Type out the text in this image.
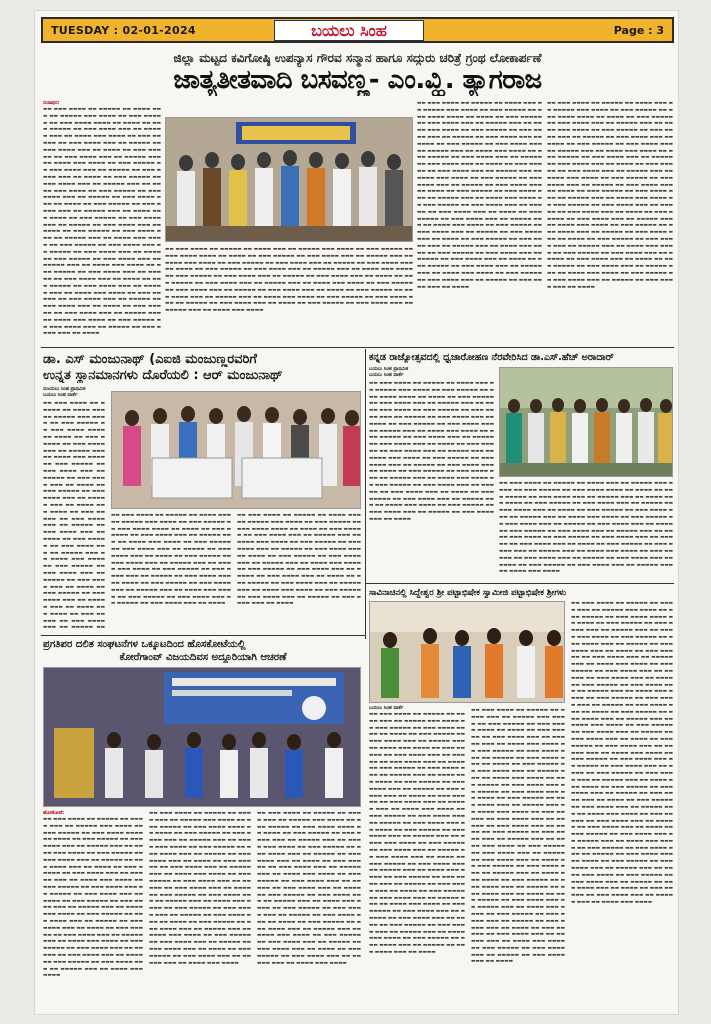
TUESDAY : 02-01-2024	ಬಯಲು ಸಿಂಹ	Page : 3
ಜಿಲ್ಲಾ ಮಟ್ಟದ ಕವಿಗೋಷ್ಠಿ ಉಪನ್ಯಾಸ ಗೌರವ ಸನ್ಮಾನ ಹಾಗೂ ಸದ್ಗುರು ಚರಿತ್ರೆ ಗ್ರಂಥ ಲೋಕಾರ್ಪಣೆ
ಜಾತ್ಯತೀತವಾದಿ ಬಸವಣ್ಣ- ಎಂ.ವ್ಹಿ. ತ್ಯಾಗರಾಜ
ಬಿಜಾಪುರ:
▬▬ ▬▬▬ ▬▬▬▬ ▬▬ ▬▬▬▬▬ ▬▬ ▬▬▬▬ ▬▬▬ ▬▬ ▬▬▬▬▬ ▬▬▬ ▬▬▬▬ ▬▬ ▬▬▬ ▬▬▬▬▬ ▬▬ ▬▬▬ ▬▬▬▬ ▬▬▬▬ ▬▬ ▬▬▬▬ ▬▬ ▬▬▬ ▬▬▬▬▬ ▬▬ ▬▬▬ ▬▬▬▬ ▬▬▬ ▬▬ ▬▬▬▬▬ ▬▬▬ ▬▬ ▬▬▬▬ ▬▬▬ ▬▬▬▬ ▬▬ ▬▬▬ ▬▬▬▬▬ ▬▬ ▬▬▬ ▬▬▬▬ ▬▬▬ ▬▬ ▬▬▬▬▬ ▬▬ ▬▬▬ ▬▬▬▬ ▬▬▬ ▬▬ ▬▬▬▬ ▬▬ ▬▬▬ ▬▬▬▬▬ ▬▬ ▬▬▬ ▬▬▬▬ ▬▬▬ ▬▬ ▬▬▬▬▬ ▬▬▬ ▬▬ ▬▬▬▬ ▬▬▬ ▬▬▬▬ ▬▬ ▬▬▬ ▬▬▬▬▬ ▬▬ ▬▬▬ ▬▬▬▬ ▬▬▬ ▬▬ ▬▬▬▬▬ ▬▬ ▬▬▬ ▬▬▬▬ ▬▬▬ ▬▬ ▬▬▬▬ ▬▬ ▬▬▬ ▬▬▬▬▬ ▬▬ ▬▬▬ ▬▬▬▬ ▬▬▬ ▬▬ ▬▬▬▬▬ ▬▬▬ ▬▬ ▬▬▬▬ ▬▬▬ ▬▬▬▬ ▬▬ ▬▬▬ ▬▬▬▬▬ ▬▬ ▬▬▬ ▬▬▬▬ ▬▬▬ ▬▬ ▬▬▬▬▬ ▬▬ ▬▬▬ ▬▬▬▬ ▬▬▬ ▬▬ ▬▬▬▬ ▬▬ ▬▬▬ ▬▬▬▬▬ ▬▬ ▬▬▬ ▬▬▬▬ ▬▬▬ ▬▬ ▬▬▬▬▬ ▬▬▬ ▬▬ ▬▬▬▬ ▬▬▬ ▬▬▬▬ ▬▬ ▬▬▬ ▬▬▬▬▬ ▬▬ ▬▬▬ ▬▬▬▬ ▬▬▬ ▬▬ ▬▬▬▬▬ ▬▬ ▬▬▬ ▬▬▬▬ ▬▬▬ ▬▬ ▬▬▬▬ ▬▬ ▬▬▬ ▬▬▬▬▬ ▬▬ ▬▬▬ ▬▬▬▬ ▬▬▬ ▬▬ ▬▬▬▬▬ ▬▬▬ ▬▬ ▬▬▬▬ ▬▬▬ ▬▬▬▬ ▬▬ ▬▬▬ ▬▬▬▬▬ ▬▬ ▬▬▬ ▬▬▬▬ ▬▬▬ ▬▬ ▬▬▬▬▬ ▬▬ ▬▬▬ ▬▬▬▬ ▬▬▬ ▬▬ ▬▬▬▬ ▬▬ ▬▬▬ ▬▬▬▬▬ ▬▬ ▬▬▬ ▬▬▬▬ ▬▬▬ ▬▬ ▬▬▬▬▬ ▬▬▬ ▬▬ ▬▬▬▬ ▬▬▬ ▬▬▬▬ ▬▬ ▬▬▬ ▬▬▬▬▬ ▬▬ ▬▬▬ ▬▬▬▬ ▬▬▬ ▬▬ ▬▬▬▬▬ ▬▬ ▬▬▬ ▬▬▬▬ ▬▬▬ ▬▬ ▬▬▬▬ ▬▬ ▬▬▬ ▬▬▬▬▬ ▬▬ ▬▬▬ ▬▬▬▬ ▬▬▬ ▬▬ ▬▬▬▬▬ ▬▬▬ ▬▬ ▬▬▬▬ ▬▬▬ ▬▬▬▬ ▬▬ ▬▬▬ ▬▬▬▬▬ ▬▬ ▬▬▬ ▬▬▬▬ ▬▬▬ ▬▬ ▬▬▬▬▬ ▬▬ ▬▬▬ ▬▬▬▬ ▬▬▬ ▬▬ ▬▬▬▬ ▬▬ ▬▬▬ ▬▬▬▬▬ ▬▬ ▬▬▬ ▬▬▬▬ ▬▬▬ ▬▬ ▬▬▬▬▬ ▬▬▬ ▬▬ ▬▬▬▬ ▬▬▬ ▬▬▬▬ ▬▬ ▬▬▬ ▬▬▬▬▬ ▬▬ ▬▬▬ ▬▬▬▬ ▬▬▬ ▬▬ ▬▬▬▬▬ ▬▬ ▬▬▬ ▬▬▬▬ ▬▬▬ ▬▬ ▬▬▬▬
▬▬ ▬▬▬ ▬▬▬▬ ▬▬ ▬▬▬▬▬ ▬▬ ▬▬▬▬ ▬▬▬ ▬▬ ▬▬▬▬▬ ▬▬▬ ▬▬▬▬ ▬▬ ▬▬▬ ▬▬▬▬▬ ▬▬ ▬▬▬ ▬▬▬▬ ▬▬▬▬ ▬▬ ▬▬▬▬ ▬▬ ▬▬▬ ▬▬▬▬▬ ▬▬ ▬▬▬ ▬▬▬▬ ▬▬▬ ▬▬ ▬▬▬▬▬ ▬▬▬ ▬▬ ▬▬▬▬ ▬▬▬ ▬▬▬▬ ▬▬ ▬▬▬ ▬▬▬▬▬ ▬▬ ▬▬▬ ▬▬▬▬ ▬▬▬ ▬▬ ▬▬▬▬▬ ▬▬ ▬▬▬ ▬▬▬▬ ▬▬▬ ▬▬ ▬▬▬▬ ▬▬ ▬▬▬ ▬▬▬▬▬ ▬▬ ▬▬▬ ▬▬▬▬ ▬▬▬ ▬▬ ▬▬▬▬▬ ▬▬▬ ▬▬ ▬▬▬▬ ▬▬▬ ▬▬▬▬ ▬▬ ▬▬▬ ▬▬▬▬▬ ▬▬ ▬▬▬ ▬▬▬▬ ▬▬▬ ▬▬ ▬▬▬▬▬ ▬▬ ▬▬▬ ▬▬▬▬ ▬▬▬ ▬▬ ▬▬▬▬ ▬▬ ▬▬▬ ▬▬▬▬▬ ▬▬ ▬▬▬ ▬▬▬▬ ▬▬▬ ▬▬ ▬▬▬▬▬ ▬▬▬ ▬▬ ▬▬▬▬ ▬▬▬ ▬▬▬▬ ▬▬ ▬▬▬ ▬▬▬▬▬ ▬▬ ▬▬▬ ▬▬▬▬ ▬▬▬ ▬▬ ▬▬▬▬▬ ▬▬ ▬▬▬ ▬▬▬▬ ▬▬▬ ▬▬ ▬▬▬▬ ▬▬ ▬▬▬ ▬▬▬▬▬ ▬▬ ▬▬▬ ▬▬▬▬ ▬▬▬ ▬▬ ▬▬▬▬▬ ▬▬▬ ▬▬ ▬▬▬▬ ▬▬▬ ▬▬▬▬ ▬▬ ▬▬▬ ▬▬▬▬▬ ▬▬ ▬▬▬ ▬▬▬▬ ▬▬▬ ▬▬ ▬▬▬▬▬ ▬▬ ▬▬▬ ▬▬▬▬ ▬▬▬ ▬▬ ▬▬▬▬ ▬▬ ▬▬▬ ▬▬▬▬▬ ▬▬ ▬▬▬ ▬▬▬▬ ▬▬▬ ▬▬ ▬▬▬▬▬ ▬▬▬ ▬▬ ▬▬▬▬ ▬▬▬ ▬▬▬▬ ▬▬ ▬▬▬ ▬▬▬▬▬ ▬▬ ▬▬▬ ▬▬▬▬ ▬▬▬ ▬▬ ▬▬▬▬▬ ▬▬ ▬▬▬ ▬▬▬▬ ▬▬▬ ▬▬ ▬▬▬▬ ▬▬ ▬▬▬ ▬▬▬▬▬ ▬▬ ▬▬▬ ▬▬▬▬ ▬▬▬ ▬▬ ▬▬▬▬▬ ▬▬▬ ▬▬ ▬▬▬▬ ▬▬▬ ▬▬▬▬ ▬▬ ▬▬▬ ▬▬▬▬▬ ▬▬ ▬▬▬ ▬▬▬▬ ▬▬▬ ▬▬ ▬▬▬▬▬ ▬▬ ▬▬▬ ▬▬▬▬ ▬▬▬ ▬▬ ▬▬▬▬ ▬▬ ▬▬▬ ▬▬▬▬▬ ▬▬ ▬▬▬ ▬▬▬▬ ▬▬▬ ▬▬ ▬▬▬▬▬ ▬▬▬ ▬▬ ▬▬▬▬ ▬▬▬ ▬▬▬▬ ▬▬ ▬▬▬ ▬▬▬▬▬ ▬▬ ▬▬▬ ▬▬▬▬ ▬▬▬ ▬▬ ▬▬▬▬▬ ▬▬ ▬▬▬ ▬▬▬▬ ▬▬▬ ▬▬ ▬▬▬▬
▬▬ ▬▬▬ ▬▬▬▬ ▬▬ ▬▬▬▬▬ ▬▬ ▬▬▬▬ ▬▬▬ ▬▬ ▬▬▬▬▬ ▬▬▬ ▬▬▬▬ ▬▬ ▬▬▬ ▬▬▬▬▬ ▬▬ ▬▬▬ ▬▬▬▬ ▬▬▬▬ ▬▬ ▬▬▬▬ ▬▬ ▬▬▬ ▬▬▬▬▬ ▬▬ ▬▬▬ ▬▬▬▬ ▬▬▬ ▬▬ ▬▬▬▬▬ ▬▬▬ ▬▬ ▬▬▬▬ ▬▬▬ ▬▬▬▬ ▬▬ ▬▬▬ ▬▬▬▬▬ ▬▬ ▬▬▬ ▬▬▬▬ ▬▬▬ ▬▬ ▬▬▬▬▬ ▬▬ ▬▬▬ ▬▬▬▬ ▬▬▬ ▬▬ ▬▬▬▬ ▬▬ ▬▬▬ ▬▬▬▬▬ ▬▬ ▬▬▬ ▬▬▬▬ ▬▬▬ ▬▬ ▬▬▬▬▬ ▬▬▬ ▬▬ ▬▬▬▬ ▬▬▬ ▬▬▬▬ ▬▬ ▬▬▬ ▬▬▬▬▬ ▬▬ ▬▬▬ ▬▬▬▬ ▬▬▬ ▬▬ ▬▬▬▬▬ ▬▬ ▬▬▬ ▬▬▬▬ ▬▬▬ ▬▬ ▬▬▬▬ ▬▬ ▬▬▬ ▬▬▬▬▬ ▬▬ ▬▬▬ ▬▬▬▬ ▬▬▬ ▬▬ ▬▬▬▬▬ ▬▬▬ ▬▬ ▬▬▬▬ ▬▬▬ ▬▬▬▬ ▬▬ ▬▬▬ ▬▬▬▬▬ ▬▬ ▬▬▬ ▬▬▬▬ ▬▬▬ ▬▬ ▬▬▬▬▬ ▬▬ ▬▬▬ ▬▬▬▬ ▬▬▬ ▬▬ ▬▬▬▬ ▬▬ ▬▬▬ ▬▬▬▬▬ ▬▬ ▬▬▬ ▬▬▬▬ ▬▬▬ ▬▬ ▬▬▬▬▬ ▬▬▬ ▬▬ ▬▬▬▬ ▬▬▬ ▬▬▬▬ ▬▬ ▬▬▬ ▬▬▬▬▬ ▬▬ ▬▬▬ ▬▬▬▬ ▬▬▬ ▬▬ ▬▬▬▬▬ ▬▬ ▬▬▬ ▬▬▬▬ ▬▬▬ ▬▬ ▬▬▬▬ ▬▬ ▬▬▬ ▬▬▬▬▬ ▬▬ ▬▬▬ ▬▬▬▬ ▬▬▬ ▬▬ ▬▬▬▬▬ ▬▬▬ ▬▬ ▬▬▬▬ ▬▬▬ ▬▬▬▬ ▬▬ ▬▬▬ ▬▬▬▬▬ ▬▬ ▬▬▬ ▬▬▬▬ ▬▬▬ ▬▬ ▬▬▬▬▬ ▬▬ ▬▬▬ ▬▬▬▬ ▬▬▬ ▬▬ ▬▬▬▬ ▬▬ ▬▬▬ ▬▬▬▬▬ ▬▬ ▬▬▬ ▬▬▬▬ ▬▬▬ ▬▬ ▬▬▬▬▬ ▬▬▬ ▬▬ ▬▬▬▬ ▬▬▬ ▬▬▬▬ ▬▬ ▬▬▬ ▬▬▬▬▬ ▬▬ ▬▬▬ ▬▬▬▬ ▬▬▬ ▬▬ ▬▬▬▬▬ ▬▬ ▬▬▬ ▬▬▬▬ ▬▬▬ ▬▬ ▬▬▬▬ ▬▬ ▬▬▬ ▬▬▬▬▬ ▬▬ ▬▬▬ ▬▬▬▬ ▬▬▬ ▬▬ ▬▬▬▬▬ ▬▬▬ ▬▬ ▬▬▬▬ ▬▬▬ ▬▬▬▬ ▬▬ ▬▬▬ ▬▬▬▬▬ ▬▬ ▬▬▬ ▬▬▬▬ ▬▬▬ ▬▬ ▬▬▬▬▬ ▬▬ ▬▬▬ ▬▬▬▬ ▬▬▬ ▬▬ ▬▬▬▬
▬▬ ▬▬▬ ▬▬▬▬ ▬▬ ▬▬▬▬▬ ▬▬ ▬▬▬▬ ▬▬▬ ▬▬ ▬▬▬▬▬ ▬▬▬ ▬▬▬▬ ▬▬ ▬▬▬ ▬▬▬▬▬ ▬▬ ▬▬▬ ▬▬▬▬ ▬▬▬▬ ▬▬ ▬▬▬▬ ▬▬ ▬▬▬ ▬▬▬▬▬ ▬▬ ▬▬▬ ▬▬▬▬ ▬▬▬ ▬▬ ▬▬▬▬▬ ▬▬▬ ▬▬ ▬▬▬▬ ▬▬▬ ▬▬▬▬ ▬▬ ▬▬▬ ▬▬▬▬▬ ▬▬ ▬▬▬ ▬▬▬▬ ▬▬▬ ▬▬ ▬▬▬▬▬ ▬▬ ▬▬▬ ▬▬▬▬ ▬▬▬ ▬▬ ▬▬▬▬ ▬▬ ▬▬▬ ▬▬▬▬▬ ▬▬ ▬▬▬ ▬▬▬▬ ▬▬▬ ▬▬ ▬▬▬▬▬ ▬▬▬ ▬▬ ▬▬▬▬ ▬▬▬ ▬▬▬▬ ▬▬ ▬▬▬ ▬▬▬▬▬ ▬▬ ▬▬▬ ▬▬▬▬ ▬▬▬ ▬▬ ▬▬▬▬▬ ▬▬ ▬▬▬ ▬▬▬▬ ▬▬▬ ▬▬ ▬▬▬▬ ▬▬ ▬▬▬ ▬▬▬▬▬ ▬▬ ▬▬▬ ▬▬▬▬ ▬▬▬ ▬▬ ▬▬▬▬▬ ▬▬▬ ▬▬ ▬▬▬▬ ▬▬▬ ▬▬▬▬ ▬▬ ▬▬▬ ▬▬▬▬▬ ▬▬ ▬▬▬ ▬▬▬▬ ▬▬▬ ▬▬ ▬▬▬▬▬ ▬▬ ▬▬▬ ▬▬▬▬ ▬▬▬ ▬▬ ▬▬▬▬ ▬▬ ▬▬▬ ▬▬▬▬▬ ▬▬ ▬▬▬ ▬▬▬▬ ▬▬▬ ▬▬ ▬▬▬▬▬ ▬▬▬ ▬▬ ▬▬▬▬ ▬▬▬ ▬▬▬▬ ▬▬ ▬▬▬ ▬▬▬▬▬ ▬▬ ▬▬▬ ▬▬▬▬ ▬▬▬ ▬▬ ▬▬▬▬▬ ▬▬ ▬▬▬ ▬▬▬▬ ▬▬▬ ▬▬ ▬▬▬▬ ▬▬ ▬▬▬ ▬▬▬▬▬ ▬▬ ▬▬▬ ▬▬▬▬ ▬▬▬ ▬▬ ▬▬▬▬▬ ▬▬▬ ▬▬ ▬▬▬▬ ▬▬▬ ▬▬▬▬
ಡಾ. ಎಸ್ ಮಂಜುನಾಥ್ (ಎಐಜಿ ಮಂಜುಣ್ಣರವರಿಗೆ
ಉನ್ನತ ಸ್ಥಾನಮಾನಗಳು ದೊರೆಯಲಿ : ಆರ್ ಮಂಜುನಾಥ್
ಬಿಜಯಲು ಸಿಂಹ ಪ್ರಾಥಮಿಕ
ಬಯಲು ಸಿಂಹ ವಾರ್ತೆ
▬▬ ▬▬▬ ▬▬▬▬ ▬▬ ▬▬▬▬▬ ▬▬ ▬▬▬▬ ▬▬▬ ▬▬ ▬▬▬▬▬ ▬▬▬ ▬▬▬▬ ▬▬ ▬▬▬ ▬▬▬▬▬ ▬▬ ▬▬▬ ▬▬▬▬ ▬▬▬▬ ▬▬ ▬▬▬▬ ▬▬ ▬▬▬ ▬▬▬▬▬ ▬▬ ▬▬▬ ▬▬▬▬ ▬▬▬ ▬▬ ▬▬▬▬▬ ▬▬▬ ▬▬ ▬▬▬▬ ▬▬▬ ▬▬▬▬ ▬▬ ▬▬▬ ▬▬▬▬▬ ▬▬ ▬▬▬ ▬▬▬▬ ▬▬▬ ▬▬ ▬▬▬▬▬ ▬▬ ▬▬▬ ▬▬▬▬ ▬▬▬ ▬▬ ▬▬▬▬ ▬▬ ▬▬▬ ▬▬▬▬▬ ▬▬ ▬▬▬ ▬▬▬▬ ▬▬▬ ▬▬ ▬▬▬▬▬ ▬▬▬ ▬▬ ▬▬▬▬ ▬▬▬ ▬▬▬▬ ▬▬ ▬▬▬ ▬▬▬▬▬ ▬▬ ▬▬▬ ▬▬▬▬ ▬▬▬ ▬▬ ▬▬▬▬▬ ▬▬ ▬▬▬ ▬▬▬▬ ▬▬▬ ▬▬ ▬▬▬▬ ▬▬ ▬▬▬ ▬▬▬▬▬ ▬▬ ▬▬▬ ▬▬▬▬ ▬▬▬ ▬▬ ▬▬▬▬▬ ▬▬▬ ▬▬ ▬▬▬▬ ▬▬▬ ▬▬▬▬ ▬▬ ▬▬▬ ▬▬▬▬▬ ▬▬ ▬▬▬ ▬▬▬▬ ▬▬▬ ▬▬ ▬▬▬▬▬ ▬▬ ▬▬▬ ▬▬▬▬ ▬▬▬ ▬▬ ▬▬▬▬ ▬▬ ▬▬▬ ▬▬▬▬▬ ▬▬ ▬▬▬ ▬▬▬▬ ▬▬▬ ▬▬ ▬▬▬▬▬ ▬▬▬ ▬▬ ▬▬▬▬ ▬▬▬ ▬▬▬▬ ▬▬ ▬▬▬ ▬▬▬▬▬ ▬▬ ▬▬▬ ▬▬▬▬ ▬▬▬ ▬▬ ▬▬▬▬▬ ▬▬
▬▬ ▬▬▬ ▬▬▬▬ ▬▬ ▬▬▬▬▬ ▬▬ ▬▬▬▬ ▬▬▬ ▬▬ ▬▬▬▬▬ ▬▬▬ ▬▬▬▬ ▬▬ ▬▬▬ ▬▬▬▬▬ ▬▬ ▬▬▬ ▬▬▬▬ ▬▬▬▬ ▬▬ ▬▬▬▬ ▬▬ ▬▬▬ ▬▬▬▬▬ ▬▬ ▬▬▬ ▬▬▬▬ ▬▬▬ ▬▬ ▬▬▬▬▬ ▬▬▬ ▬▬ ▬▬▬▬ ▬▬▬ ▬▬▬▬ ▬▬ ▬▬▬ ▬▬▬▬▬ ▬▬ ▬▬▬ ▬▬▬▬ ▬▬▬ ▬▬ ▬▬▬▬▬ ▬▬ ▬▬▬ ▬▬▬▬ ▬▬▬ ▬▬ ▬▬▬▬ ▬▬ ▬▬▬ ▬▬▬▬▬ ▬▬ ▬▬▬ ▬▬▬▬ ▬▬▬ ▬▬ ▬▬▬▬▬ ▬▬▬ ▬▬ ▬▬▬▬ ▬▬▬ ▬▬▬▬ ▬▬ ▬▬▬ ▬▬▬▬▬ ▬▬ ▬▬▬ ▬▬▬▬ ▬▬▬ ▬▬ ▬▬▬▬▬ ▬▬ ▬▬▬ ▬▬▬▬ ▬▬▬ ▬▬ ▬▬▬▬ ▬▬ ▬▬▬ ▬▬▬▬▬ ▬▬ ▬▬▬ ▬▬▬▬ ▬▬▬ ▬▬ ▬▬▬▬▬ ▬▬▬ ▬▬ ▬▬▬▬ ▬▬▬ ▬▬▬▬ ▬▬ ▬▬▬ ▬▬▬▬▬ ▬▬ ▬▬▬ ▬▬▬▬ ▬▬▬ ▬▬ ▬▬▬▬▬ ▬▬ ▬▬▬ ▬▬▬▬ ▬▬▬ ▬▬ ▬▬▬▬
▬▬ ▬▬▬ ▬▬▬▬ ▬▬ ▬▬▬▬▬ ▬▬ ▬▬▬▬ ▬▬▬ ▬▬ ▬▬▬▬▬ ▬▬▬ ▬▬▬▬ ▬▬ ▬▬▬ ▬▬▬▬▬ ▬▬ ▬▬▬ ▬▬▬▬ ▬▬▬▬ ▬▬ ▬▬▬▬ ▬▬ ▬▬▬ ▬▬▬▬▬ ▬▬ ▬▬▬ ▬▬▬▬ ▬▬▬ ▬▬ ▬▬▬▬▬ ▬▬▬ ▬▬ ▬▬▬▬ ▬▬▬ ▬▬▬▬ ▬▬ ▬▬▬ ▬▬▬▬▬ ▬▬ ▬▬▬ ▬▬▬▬ ▬▬▬ ▬▬ ▬▬▬▬▬ ▬▬ ▬▬▬ ▬▬▬▬ ▬▬▬ ▬▬ ▬▬▬▬ ▬▬ ▬▬▬ ▬▬▬▬▬ ▬▬ ▬▬▬ ▬▬▬▬ ▬▬▬ ▬▬ ▬▬▬▬▬ ▬▬▬ ▬▬ ▬▬▬▬ ▬▬▬ ▬▬▬▬ ▬▬ ▬▬▬ ▬▬▬▬▬ ▬▬ ▬▬▬ ▬▬▬▬ ▬▬▬ ▬▬ ▬▬▬▬▬ ▬▬ ▬▬▬ ▬▬▬▬ ▬▬▬ ▬▬ ▬▬▬▬ ▬▬ ▬▬▬ ▬▬▬▬▬ ▬▬ ▬▬▬ ▬▬▬▬ ▬▬▬ ▬▬ ▬▬▬▬▬ ▬▬▬ ▬▬ ▬▬▬▬ ▬▬▬ ▬▬▬▬ ▬▬ ▬▬▬ ▬▬▬▬▬ ▬▬ ▬▬▬ ▬▬▬▬ ▬▬▬ ▬▬ ▬▬▬▬▬ ▬▬ ▬▬▬ ▬▬▬▬ ▬▬▬ ▬▬ ▬▬▬▬
ಕನ್ನಡ ರಾಜ್ಯೋತ್ಸವದಲ್ಲಿ ಧ್ವಜಾರೋಹಣ ನೆರವೇರಿಸಿದ ಡಾ.ಎಸ್.ಹೆಚ್ ಅರಾದಾರ್
ಬಯಲು ಸಿಂಹ ಪ್ರಾಥಮಿಕ
ಬಯಲು ಸಿಂಹ ವಾರ್ತೆ
▬▬ ▬▬▬ ▬▬▬▬ ▬▬ ▬▬▬▬▬ ▬▬ ▬▬▬▬ ▬▬▬ ▬▬ ▬▬▬▬▬ ▬▬▬ ▬▬▬▬ ▬▬ ▬▬▬ ▬▬▬▬▬ ▬▬ ▬▬▬ ▬▬▬▬ ▬▬▬▬ ▬▬ ▬▬▬▬ ▬▬ ▬▬▬ ▬▬▬▬▬ ▬▬ ▬▬▬ ▬▬▬▬ ▬▬▬ ▬▬ ▬▬▬▬▬ ▬▬▬ ▬▬ ▬▬▬▬ ▬▬▬ ▬▬▬▬ ▬▬ ▬▬▬ ▬▬▬▬▬ ▬▬ ▬▬▬ ▬▬▬▬ ▬▬▬ ▬▬ ▬▬▬▬▬ ▬▬ ▬▬▬ ▬▬▬▬ ▬▬▬ ▬▬ ▬▬▬▬ ▬▬ ▬▬▬ ▬▬▬▬▬ ▬▬ ▬▬▬ ▬▬▬▬ ▬▬▬ ▬▬ ▬▬▬▬▬ ▬▬▬ ▬▬ ▬▬▬▬ ▬▬▬ ▬▬▬▬ ▬▬ ▬▬▬ ▬▬▬▬▬ ▬▬ ▬▬▬ ▬▬▬▬ ▬▬▬ ▬▬ ▬▬▬▬▬ ▬▬ ▬▬▬ ▬▬▬▬ ▬▬▬ ▬▬ ▬▬▬▬ ▬▬ ▬▬▬ ▬▬▬▬▬ ▬▬ ▬▬▬ ▬▬▬▬ ▬▬▬ ▬▬ ▬▬▬▬▬ ▬▬▬ ▬▬ ▬▬▬▬ ▬▬▬ ▬▬▬▬ ▬▬ ▬▬▬ ▬▬▬▬▬ ▬▬ ▬▬▬ ▬▬▬▬ ▬▬▬ ▬▬ ▬▬▬▬▬ ▬▬ ▬▬▬ ▬▬▬▬ ▬▬▬ ▬▬ ▬▬▬▬ ▬▬ ▬▬▬ ▬▬▬▬▬ ▬▬ ▬▬▬ ▬▬▬▬ ▬▬▬ ▬▬ ▬▬▬▬▬ ▬▬▬ ▬▬ ▬▬▬▬ ▬▬▬ ▬▬▬▬ ▬▬ ▬▬▬ ▬▬▬▬▬ ▬▬ ▬▬▬ ▬▬▬▬ ▬▬▬ ▬▬ ▬▬▬▬▬ ▬▬ ▬▬▬ ▬▬▬▬ ▬▬▬ ▬▬ ▬▬▬▬ ▬▬ ▬▬▬ ▬▬▬▬▬ ▬▬ ▬▬▬ ▬▬▬▬ ▬▬▬ ▬▬ ▬▬▬▬▬ ▬▬▬ ▬▬ ▬▬▬▬ ▬▬▬ ▬▬▬▬ ▬▬ ▬▬▬ ▬▬▬▬▬ ▬▬ ▬▬▬ ▬▬▬▬ ▬▬▬ ▬▬ ▬▬▬▬▬ ▬▬ ▬▬▬ ▬▬▬▬ ▬▬▬ ▬▬ ▬▬▬▬
▬▬ ▬▬▬ ▬▬▬▬ ▬▬ ▬▬▬▬▬ ▬▬ ▬▬▬▬ ▬▬▬ ▬▬ ▬▬▬▬▬ ▬▬▬ ▬▬▬▬ ▬▬ ▬▬▬ ▬▬▬▬▬ ▬▬ ▬▬▬ ▬▬▬▬ ▬▬▬▬ ▬▬ ▬▬▬▬ ▬▬ ▬▬▬ ▬▬▬▬▬ ▬▬ ▬▬▬ ▬▬▬▬ ▬▬▬ ▬▬ ▬▬▬▬▬ ▬▬▬ ▬▬ ▬▬▬▬ ▬▬▬ ▬▬▬▬ ▬▬ ▬▬▬ ▬▬▬▬▬ ▬▬ ▬▬▬ ▬▬▬▬ ▬▬▬ ▬▬ ▬▬▬▬▬ ▬▬ ▬▬▬ ▬▬▬▬ ▬▬▬ ▬▬ ▬▬▬▬ ▬▬ ▬▬▬ ▬▬▬▬▬ ▬▬ ▬▬▬ ▬▬▬▬ ▬▬▬ ▬▬ ▬▬▬▬▬ ▬▬▬ ▬▬ ▬▬▬▬ ▬▬▬ ▬▬▬▬ ▬▬ ▬▬▬ ▬▬▬▬▬ ▬▬ ▬▬▬ ▬▬▬▬ ▬▬▬ ▬▬ ▬▬▬▬▬ ▬▬ ▬▬▬ ▬▬▬▬ ▬▬▬ ▬▬ ▬▬▬▬ ▬▬ ▬▬▬ ▬▬▬▬▬ ▬▬ ▬▬▬ ▬▬▬▬ ▬▬▬ ▬▬ ▬▬▬▬▬ ▬▬▬ ▬▬ ▬▬▬▬ ▬▬▬ ▬▬▬▬ ▬▬ ▬▬▬ ▬▬▬▬▬ ▬▬ ▬▬▬ ▬▬▬▬ ▬▬▬ ▬▬ ▬▬▬▬▬ ▬▬ ▬▬▬ ▬▬▬▬ ▬▬▬ ▬▬ ▬▬▬▬ ▬▬ ▬▬▬ ▬▬▬▬▬ ▬▬ ▬▬▬ ▬▬▬▬ ▬▬▬ ▬▬ ▬▬▬▬▬ ▬▬▬ ▬▬ ▬▬▬▬ ▬▬▬ ▬▬▬▬ ▬▬ ▬▬▬ ▬▬▬▬▬ ▬▬ ▬▬▬ ▬▬▬▬ ▬▬▬ ▬▬ ▬▬▬▬▬ ▬▬ ▬▬▬ ▬▬▬▬ ▬▬▬ ▬▬ ▬▬▬▬ ▬▬ ▬▬▬ ▬▬▬▬▬ ▬▬ ▬▬▬ ▬▬▬▬ ▬▬▬ ▬▬ ▬▬▬▬▬ ▬▬▬ ▬▬ ▬▬▬▬ ▬▬▬ ▬▬▬▬
ಪ್ರಗತಿಪರ ದಲಿತ ಸಂಘಟನೆಗಳ ಒಕ್ಕೂಟದಿಂದ ಹೊಸಕೋಟೆಯಲ್ಲಿ
ಕೋರೆಗಾಂವ್ ವಿಜಯದಿವಸ ಅದ್ದೂರಿಯಾಗಿ ಆಚರಣೆ
ಹೊಸಕೋಟೆ:
▬▬ ▬▬▬ ▬▬▬▬ ▬▬ ▬▬▬▬▬ ▬▬ ▬▬▬▬ ▬▬▬ ▬▬ ▬▬▬▬▬ ▬▬▬ ▬▬▬▬ ▬▬ ▬▬▬ ▬▬▬▬▬ ▬▬ ▬▬▬ ▬▬▬▬ ▬▬▬▬ ▬▬ ▬▬▬▬ ▬▬ ▬▬▬ ▬▬▬▬▬ ▬▬ ▬▬▬ ▬▬▬▬ ▬▬▬ ▬▬ ▬▬▬▬▬ ▬▬▬ ▬▬ ▬▬▬▬ ▬▬▬ ▬▬▬▬ ▬▬ ▬▬▬ ▬▬▬▬▬ ▬▬ ▬▬▬ ▬▬▬▬ ▬▬▬ ▬▬ ▬▬▬▬▬ ▬▬ ▬▬▬ ▬▬▬▬ ▬▬▬ ▬▬ ▬▬▬▬ ▬▬ ▬▬▬ ▬▬▬▬▬ ▬▬ ▬▬▬ ▬▬▬▬ ▬▬▬ ▬▬ ▬▬▬▬▬ ▬▬▬ ▬▬ ▬▬▬▬ ▬▬▬ ▬▬▬▬ ▬▬ ▬▬▬ ▬▬▬▬▬ ▬▬ ▬▬▬ ▬▬▬▬ ▬▬▬ ▬▬ ▬▬▬▬▬ ▬▬ ▬▬▬ ▬▬▬▬ ▬▬▬ ▬▬ ▬▬▬▬ ▬▬ ▬▬▬ ▬▬▬▬▬ ▬▬ ▬▬▬ ▬▬▬▬ ▬▬▬ ▬▬ ▬▬▬▬▬ ▬▬▬ ▬▬ ▬▬▬▬ ▬▬▬ ▬▬▬▬ ▬▬ ▬▬▬ ▬▬▬▬▬ ▬▬ ▬▬▬ ▬▬▬▬ ▬▬▬ ▬▬ ▬▬▬▬▬ ▬▬ ▬▬▬ ▬▬▬▬ ▬▬▬ ▬▬ ▬▬▬▬ ▬▬ ▬▬▬ ▬▬▬▬▬ ▬▬ ▬▬▬ ▬▬▬▬ ▬▬▬ ▬▬ ▬▬▬▬▬ ▬▬▬ ▬▬ ▬▬▬▬ ▬▬▬ ▬▬▬▬ ▬▬ ▬▬▬ ▬▬▬▬▬ ▬▬ ▬▬▬ ▬▬▬▬ ▬▬▬ ▬▬ ▬▬▬▬▬ ▬▬ ▬▬▬ ▬▬▬▬ ▬▬▬ ▬▬ ▬▬▬▬ ▬▬ ▬▬▬ ▬▬▬▬▬ ▬▬ ▬▬▬ ▬▬▬▬ ▬▬▬ ▬▬ ▬▬▬▬▬ ▬▬▬ ▬▬ ▬▬▬▬ ▬▬▬ ▬▬▬▬
▬▬ ▬▬▬ ▬▬▬▬ ▬▬ ▬▬▬▬▬ ▬▬ ▬▬▬▬ ▬▬▬ ▬▬ ▬▬▬▬▬ ▬▬▬ ▬▬▬▬ ▬▬ ▬▬▬ ▬▬▬▬▬ ▬▬ ▬▬▬ ▬▬▬▬ ▬▬▬▬ ▬▬ ▬▬▬▬ ▬▬ ▬▬▬ ▬▬▬▬▬ ▬▬ ▬▬▬ ▬▬▬▬ ▬▬▬ ▬▬ ▬▬▬▬▬ ▬▬▬ ▬▬ ▬▬▬▬ ▬▬▬ ▬▬▬▬ ▬▬ ▬▬▬ ▬▬▬▬▬ ▬▬ ▬▬▬ ▬▬▬▬ ▬▬▬ ▬▬ ▬▬▬▬▬ ▬▬ ▬▬▬ ▬▬▬▬ ▬▬▬ ▬▬ ▬▬▬▬ ▬▬ ▬▬▬ ▬▬▬▬▬ ▬▬ ▬▬▬ ▬▬▬▬ ▬▬▬ ▬▬ ▬▬▬▬▬ ▬▬▬ ▬▬ ▬▬▬▬ ▬▬▬ ▬▬▬▬ ▬▬ ▬▬▬ ▬▬▬▬▬ ▬▬ ▬▬▬ ▬▬▬▬ ▬▬▬ ▬▬ ▬▬▬▬▬ ▬▬ ▬▬▬ ▬▬▬▬ ▬▬▬ ▬▬ ▬▬▬▬ ▬▬ ▬▬▬ ▬▬▬▬▬ ▬▬ ▬▬▬ ▬▬▬▬ ▬▬▬ ▬▬ ▬▬▬▬▬ ▬▬▬ ▬▬ ▬▬▬▬ ▬▬▬ ▬▬▬▬ ▬▬ ▬▬▬ ▬▬▬▬▬ ▬▬ ▬▬▬ ▬▬▬▬ ▬▬▬ ▬▬ ▬▬▬▬▬ ▬▬ ▬▬▬ ▬▬▬▬ ▬▬▬ ▬▬ ▬▬▬▬ ▬▬ ▬▬▬ ▬▬▬▬▬ ▬▬ ▬▬▬ ▬▬▬▬ ▬▬▬ ▬▬ ▬▬▬▬▬ ▬▬▬ ▬▬ ▬▬▬▬ ▬▬▬ ▬▬▬▬ ▬▬ ▬▬▬ ▬▬▬▬▬ ▬▬ ▬▬▬ ▬▬▬▬ ▬▬▬ ▬▬ ▬▬▬▬▬ ▬▬ ▬▬▬ ▬▬▬▬ ▬▬▬ ▬▬ ▬▬▬▬ ▬▬ ▬▬▬ ▬▬▬▬▬ ▬▬ ▬▬▬ ▬▬▬▬ ▬▬▬ ▬▬ ▬▬▬▬▬ ▬▬▬ ▬▬ ▬▬▬▬ ▬▬▬ ▬▬▬▬
▬▬ ▬▬▬ ▬▬▬▬ ▬▬ ▬▬▬▬▬ ▬▬ ▬▬▬▬ ▬▬▬ ▬▬ ▬▬▬▬▬ ▬▬▬ ▬▬▬▬ ▬▬ ▬▬▬ ▬▬▬▬▬ ▬▬ ▬▬▬ ▬▬▬▬ ▬▬▬▬ ▬▬ ▬▬▬▬ ▬▬ ▬▬▬ ▬▬▬▬▬ ▬▬ ▬▬▬ ▬▬▬▬ ▬▬▬ ▬▬ ▬▬▬▬▬ ▬▬▬ ▬▬ ▬▬▬▬ ▬▬▬ ▬▬▬▬ ▬▬ ▬▬▬ ▬▬▬▬▬ ▬▬ ▬▬▬ ▬▬▬▬ ▬▬▬ ▬▬ ▬▬▬▬▬ ▬▬ ▬▬▬ ▬▬▬▬ ▬▬▬ ▬▬ ▬▬▬▬ ▬▬ ▬▬▬ ▬▬▬▬▬ ▬▬ ▬▬▬ ▬▬▬▬ ▬▬▬ ▬▬ ▬▬▬▬▬ ▬▬▬ ▬▬ ▬▬▬▬ ▬▬▬ ▬▬▬▬ ▬▬ ▬▬▬ ▬▬▬▬▬ ▬▬ ▬▬▬ ▬▬▬▬ ▬▬▬ ▬▬ ▬▬▬▬▬ ▬▬ ▬▬▬ ▬▬▬▬ ▬▬▬ ▬▬ ▬▬▬▬ ▬▬ ▬▬▬ ▬▬▬▬▬ ▬▬ ▬▬▬ ▬▬▬▬ ▬▬▬ ▬▬ ▬▬▬▬▬ ▬▬▬ ▬▬ ▬▬▬▬ ▬▬▬ ▬▬▬▬ ▬▬ ▬▬▬ ▬▬▬▬▬ ▬▬ ▬▬▬ ▬▬▬▬ ▬▬▬ ▬▬ ▬▬▬▬▬ ▬▬ ▬▬▬ ▬▬▬▬ ▬▬▬ ▬▬ ▬▬▬▬ ▬▬ ▬▬▬ ▬▬▬▬▬ ▬▬ ▬▬▬ ▬▬▬▬ ▬▬▬ ▬▬ ▬▬▬▬▬ ▬▬▬ ▬▬ ▬▬▬▬ ▬▬▬ ▬▬▬▬ ▬▬ ▬▬▬ ▬▬▬▬▬ ▬▬ ▬▬▬ ▬▬▬▬ ▬▬▬ ▬▬ ▬▬▬▬▬ ▬▬ ▬▬▬ ▬▬▬▬ ▬▬▬ ▬▬ ▬▬▬▬ ▬▬ ▬▬▬ ▬▬▬▬▬ ▬▬ ▬▬▬ ▬▬▬▬ ▬▬▬ ▬▬ ▬▬▬▬▬ ▬▬▬ ▬▬ ▬▬▬▬ ▬▬▬ ▬▬▬▬
ಸಾವಿನಾಚಿನಲ್ಲಿ ಸಿದ್ದೇಶ್ವರ ಶ್ರೀ ಪಟ್ಟಾಭಿಷೇಕ ಸ್ವಾಮೀಜಿ ಪಟ್ಟಾಭಿಷೇಕ ಶ್ರೀಗಳು
▬▬ ▬▬▬ ▬▬▬▬ ▬▬ ▬▬▬▬▬ ▬▬ ▬▬▬▬ ▬▬▬ ▬▬ ▬▬▬▬▬ ▬▬▬ ▬▬▬▬ ▬▬ ▬▬▬ ▬▬▬▬▬ ▬▬ ▬▬▬ ▬▬▬▬ ▬▬▬▬ ▬▬ ▬▬▬▬ ▬▬ ▬▬▬ ▬▬▬▬▬ ▬▬ ▬▬▬ ▬▬▬▬ ▬▬▬ ▬▬ ▬▬▬▬▬ ▬▬▬ ▬▬ ▬▬▬▬ ▬▬▬ ▬▬▬▬ ▬▬ ▬▬▬ ▬▬▬▬▬ ▬▬ ▬▬▬ ▬▬▬▬ ▬▬▬ ▬▬ ▬▬▬▬▬ ▬▬ ▬▬▬ ▬▬▬▬ ▬▬▬ ▬▬ ▬▬▬▬ ▬▬ ▬▬▬ ▬▬▬▬▬ ▬▬ ▬▬▬ ▬▬▬▬ ▬▬▬ ▬▬ ▬▬▬▬▬ ▬▬▬ ▬▬ ▬▬▬▬ ▬▬▬ ▬▬▬▬ ▬▬ ▬▬▬ ▬▬▬▬▬ ▬▬ ▬▬▬ ▬▬▬▬ ▬▬▬ ▬▬ ▬▬▬▬▬ ▬▬ ▬▬▬ ▬▬▬▬ ▬▬▬ ▬▬ ▬▬▬▬ ▬▬ ▬▬▬ ▬▬▬▬▬ ▬▬ ▬▬▬ ▬▬▬▬ ▬▬▬ ▬▬ ▬▬▬▬▬ ▬▬▬ ▬▬ ▬▬▬▬ ▬▬▬ ▬▬▬▬ ▬▬ ▬▬▬ ▬▬▬▬▬ ▬▬ ▬▬▬ ▬▬▬▬ ▬▬▬ ▬▬ ▬▬▬▬▬ ▬▬ ▬▬▬ ▬▬▬▬ ▬▬▬ ▬▬ ▬▬▬▬ ▬▬ ▬▬▬ ▬▬▬▬▬ ▬▬ ▬▬▬ ▬▬▬▬ ▬▬▬ ▬▬ ▬▬▬▬▬ ▬▬▬ ▬▬ ▬▬▬▬ ▬▬▬ ▬▬▬▬ ▬▬ ▬▬▬ ▬▬▬▬▬ ▬▬ ▬▬▬ ▬▬▬▬ ▬▬▬ ▬▬ ▬▬▬▬▬ ▬▬ ▬▬▬ ▬▬▬▬ ▬▬▬ ▬▬ ▬▬▬▬ ▬▬ ▬▬▬ ▬▬▬▬▬ ▬▬ ▬▬▬ ▬▬▬▬ ▬▬▬ ▬▬ ▬▬▬▬▬ ▬▬▬ ▬▬ ▬▬▬▬ ▬▬▬ ▬▬▬▬ ▬▬ ▬▬▬ ▬▬▬▬▬ ▬▬ ▬▬▬ ▬▬▬▬ ▬▬▬ ▬▬ ▬▬▬▬▬ ▬▬ ▬▬▬ ▬▬▬▬ ▬▬▬ ▬▬ ▬▬▬▬ ▬▬ ▬▬▬ ▬▬▬▬▬ ▬▬ ▬▬▬ ▬▬▬▬ ▬▬▬ ▬▬ ▬▬▬▬▬ ▬▬▬ ▬▬ ▬▬▬▬ ▬▬▬ ▬▬▬▬ ▬▬ ▬▬▬ ▬▬▬▬▬ ▬▬ ▬▬▬ ▬▬▬▬ ▬▬▬ ▬▬ ▬▬▬▬▬ ▬▬ ▬▬▬ ▬▬▬▬ ▬▬▬ ▬▬ ▬▬▬▬ ▬▬ ▬▬▬ ▬▬▬▬▬ ▬▬ ▬▬▬ ▬▬▬▬ ▬▬▬ ▬▬ ▬▬▬▬▬ ▬▬▬ ▬▬ ▬▬▬▬ ▬▬▬ ▬▬▬▬ ▬▬ ▬▬▬ ▬▬▬▬▬ ▬▬ ▬▬▬ ▬▬▬▬ ▬▬▬ ▬▬ ▬▬▬▬▬ ▬▬ ▬▬▬ ▬▬▬▬ ▬▬▬ ▬▬ ▬▬▬▬ ▬▬ ▬▬▬ ▬▬▬▬▬ ▬▬ ▬▬▬ ▬▬▬▬ ▬▬▬ ▬▬ ▬▬▬▬▬ ▬▬▬ ▬▬ ▬▬▬▬ ▬▬▬ ▬▬▬▬ ▬▬ ▬▬▬ ▬▬▬▬▬ ▬▬ ▬▬▬ ▬▬▬▬ ▬▬▬ ▬▬ ▬▬▬▬▬ ▬▬ ▬▬▬ ▬▬▬▬ ▬▬▬ ▬▬ ▬▬▬▬ ▬▬ ▬▬▬ ▬▬▬▬▬ ▬▬ ▬▬▬ ▬▬▬▬ ▬▬▬ ▬▬ ▬▬▬▬▬ ▬▬▬ ▬▬ ▬▬▬▬ ▬▬▬ ▬▬▬▬ ▬▬ ▬▬▬ ▬▬▬▬▬ ▬▬ ▬▬▬ ▬▬▬▬ ▬▬▬ ▬▬ ▬▬▬▬▬ ▬▬ ▬▬▬ ▬▬▬▬ ▬▬▬ ▬▬ ▬▬▬▬ ▬▬ ▬▬▬ ▬▬▬▬▬ ▬▬ ▬▬▬ ▬▬▬▬ ▬▬▬ ▬▬ ▬▬▬▬▬ ▬▬▬ ▬▬ ▬▬▬▬ ▬▬▬ ▬▬▬▬
ಬಯಲು ಸಿಂಹ ವಾರ್ತೆ
▬▬ ▬▬▬ ▬▬▬▬ ▬▬ ▬▬▬▬▬ ▬▬ ▬▬▬▬ ▬▬▬ ▬▬ ▬▬▬▬▬ ▬▬▬ ▬▬▬▬ ▬▬ ▬▬▬ ▬▬▬▬▬ ▬▬ ▬▬▬ ▬▬▬▬ ▬▬▬▬ ▬▬ ▬▬▬▬ ▬▬ ▬▬▬ ▬▬▬▬▬ ▬▬ ▬▬▬ ▬▬▬▬ ▬▬▬ ▬▬ ▬▬▬▬▬ ▬▬▬ ▬▬ ▬▬▬▬ ▬▬▬ ▬▬▬▬ ▬▬ ▬▬▬ ▬▬▬▬▬ ▬▬ ▬▬▬ ▬▬▬▬ ▬▬▬ ▬▬ ▬▬▬▬▬ ▬▬ ▬▬▬ ▬▬▬▬ ▬▬▬ ▬▬ ▬▬▬▬ ▬▬ ▬▬▬ ▬▬▬▬▬ ▬▬ ▬▬▬ ▬▬▬▬ ▬▬▬ ▬▬ ▬▬▬▬▬ ▬▬▬ ▬▬ ▬▬▬▬ ▬▬▬ ▬▬▬▬ ▬▬ ▬▬▬ ▬▬▬▬▬ ▬▬ ▬▬▬ ▬▬▬▬ ▬▬▬ ▬▬ ▬▬▬▬▬ ▬▬ ▬▬▬ ▬▬▬▬ ▬▬▬ ▬▬ ▬▬▬▬ ▬▬ ▬▬▬ ▬▬▬▬▬ ▬▬ ▬▬▬ ▬▬▬▬ ▬▬▬ ▬▬ ▬▬▬▬▬ ▬▬▬ ▬▬ ▬▬▬▬ ▬▬▬ ▬▬▬▬ ▬▬ ▬▬▬ ▬▬▬▬▬ ▬▬ ▬▬▬ ▬▬▬▬ ▬▬▬ ▬▬ ▬▬▬▬▬ ▬▬ ▬▬▬ ▬▬▬▬ ▬▬▬ ▬▬ ▬▬▬▬ ▬▬ ▬▬▬ ▬▬▬▬▬ ▬▬ ▬▬▬ ▬▬▬▬ ▬▬▬ ▬▬ ▬▬▬▬▬ ▬▬▬ ▬▬ ▬▬▬▬ ▬▬▬ ▬▬▬▬ ▬▬ ▬▬▬ ▬▬▬▬▬ ▬▬ ▬▬▬ ▬▬▬▬ ▬▬▬ ▬▬ ▬▬▬▬▬ ▬▬ ▬▬▬ ▬▬▬▬ ▬▬▬ ▬▬ ▬▬▬▬ ▬▬ ▬▬▬ ▬▬▬▬▬ ▬▬ ▬▬▬ ▬▬▬▬ ▬▬▬ ▬▬ ▬▬▬▬▬ ▬▬▬ ▬▬ ▬▬▬▬ ▬▬▬ ▬▬▬▬ ▬▬ ▬▬▬ ▬▬▬▬▬ ▬▬ ▬▬▬ ▬▬▬▬ ▬▬▬ ▬▬ ▬▬▬▬▬ ▬▬ ▬▬▬ ▬▬▬▬ ▬▬▬ ▬▬ ▬▬▬▬ ▬▬ ▬▬▬ ▬▬▬▬▬ ▬▬ ▬▬▬ ▬▬▬▬ ▬▬▬ ▬▬ ▬▬▬▬▬ ▬▬▬ ▬▬ ▬▬▬▬ ▬▬▬ ▬▬▬▬ ▬▬ ▬▬▬ ▬▬▬▬▬ ▬▬ ▬▬▬ ▬▬▬▬ ▬▬▬ ▬▬ ▬▬▬▬▬ ▬▬ ▬▬▬ ▬▬▬▬ ▬▬▬ ▬▬ ▬▬▬▬ ▬▬ ▬▬▬ ▬▬▬▬▬ ▬▬ ▬▬▬ ▬▬▬▬ ▬▬▬ ▬▬ ▬▬▬▬▬ ▬▬▬ ▬▬ ▬▬▬▬ ▬▬▬ ▬▬▬▬ ▬▬ ▬▬▬ ▬▬▬▬▬ ▬▬ ▬▬▬ ▬▬▬▬ ▬▬▬ ▬▬ ▬▬▬▬▬ ▬▬ ▬▬▬ ▬▬▬▬ ▬▬▬ ▬▬ ▬▬▬▬
▬▬ ▬▬▬ ▬▬▬▬ ▬▬ ▬▬▬▬▬ ▬▬ ▬▬▬▬ ▬▬▬ ▬▬ ▬▬▬▬▬ ▬▬▬ ▬▬▬▬ ▬▬ ▬▬▬ ▬▬▬▬▬ ▬▬ ▬▬▬ ▬▬▬▬ ▬▬▬▬ ▬▬ ▬▬▬▬ ▬▬ ▬▬▬ ▬▬▬▬▬ ▬▬ ▬▬▬ ▬▬▬▬ ▬▬▬ ▬▬ ▬▬▬▬▬ ▬▬▬ ▬▬ ▬▬▬▬ ▬▬▬ ▬▬▬▬ ▬▬ ▬▬▬ ▬▬▬▬▬ ▬▬ ▬▬▬ ▬▬▬▬ ▬▬▬ ▬▬ ▬▬▬▬▬ ▬▬ ▬▬▬ ▬▬▬▬ ▬▬▬ ▬▬ ▬▬▬▬ ▬▬ ▬▬▬ ▬▬▬▬▬ ▬▬ ▬▬▬ ▬▬▬▬ ▬▬▬ ▬▬ ▬▬▬▬▬ ▬▬▬ ▬▬ ▬▬▬▬ ▬▬▬ ▬▬▬▬ ▬▬ ▬▬▬ ▬▬▬▬▬ ▬▬ ▬▬▬ ▬▬▬▬ ▬▬▬ ▬▬ ▬▬▬▬▬ ▬▬ ▬▬▬ ▬▬▬▬ ▬▬▬ ▬▬ ▬▬▬▬ ▬▬ ▬▬▬ ▬▬▬▬▬ ▬▬ ▬▬▬ ▬▬▬▬ ▬▬▬ ▬▬ ▬▬▬▬▬ ▬▬▬ ▬▬ ▬▬▬▬ ▬▬▬ ▬▬▬▬ ▬▬ ▬▬▬ ▬▬▬▬▬ ▬▬ ▬▬▬ ▬▬▬▬ ▬▬▬ ▬▬ ▬▬▬▬▬ ▬▬ ▬▬▬ ▬▬▬▬ ▬▬▬ ▬▬ ▬▬▬▬ ▬▬ ▬▬▬ ▬▬▬▬▬ ▬▬ ▬▬▬ ▬▬▬▬ ▬▬▬ ▬▬ ▬▬▬▬▬ ▬▬▬ ▬▬ ▬▬▬▬ ▬▬▬ ▬▬▬▬ ▬▬ ▬▬▬ ▬▬▬▬▬ ▬▬ ▬▬▬ ▬▬▬▬ ▬▬▬ ▬▬ ▬▬▬▬▬ ▬▬ ▬▬▬ ▬▬▬▬ ▬▬▬ ▬▬ ▬▬▬▬ ▬▬ ▬▬▬ ▬▬▬▬▬ ▬▬ ▬▬▬ ▬▬▬▬ ▬▬▬ ▬▬ ▬▬▬▬▬ ▬▬▬ ▬▬ ▬▬▬▬ ▬▬▬ ▬▬▬▬ ▬▬ ▬▬▬ ▬▬▬▬▬ ▬▬ ▬▬▬ ▬▬▬▬ ▬▬▬ ▬▬ ▬▬▬▬▬ ▬▬ ▬▬▬ ▬▬▬▬ ▬▬▬ ▬▬ ▬▬▬▬ ▬▬ ▬▬▬ ▬▬▬▬▬ ▬▬ ▬▬▬ ▬▬▬▬ ▬▬▬ ▬▬ ▬▬▬▬▬ ▬▬▬ ▬▬ ▬▬▬▬ ▬▬▬ ▬▬▬▬ ▬▬ ▬▬▬ ▬▬▬▬▬ ▬▬ ▬▬▬ ▬▬▬▬ ▬▬▬ ▬▬ ▬▬▬▬▬ ▬▬ ▬▬▬ ▬▬▬▬ ▬▬▬ ▬▬ ▬▬▬▬ ▬▬ ▬▬▬ ▬▬▬▬▬ ▬▬ ▬▬▬ ▬▬▬▬ ▬▬▬ ▬▬ ▬▬▬▬▬ ▬▬▬ ▬▬ ▬▬▬▬ ▬▬▬ ▬▬▬▬ ▬▬ ▬▬▬ ▬▬▬▬▬ ▬▬ ▬▬▬ ▬▬▬▬ ▬▬▬ ▬▬ ▬▬▬▬▬ ▬▬ ▬▬▬ ▬▬▬▬ ▬▬▬ ▬▬ ▬▬▬▬
